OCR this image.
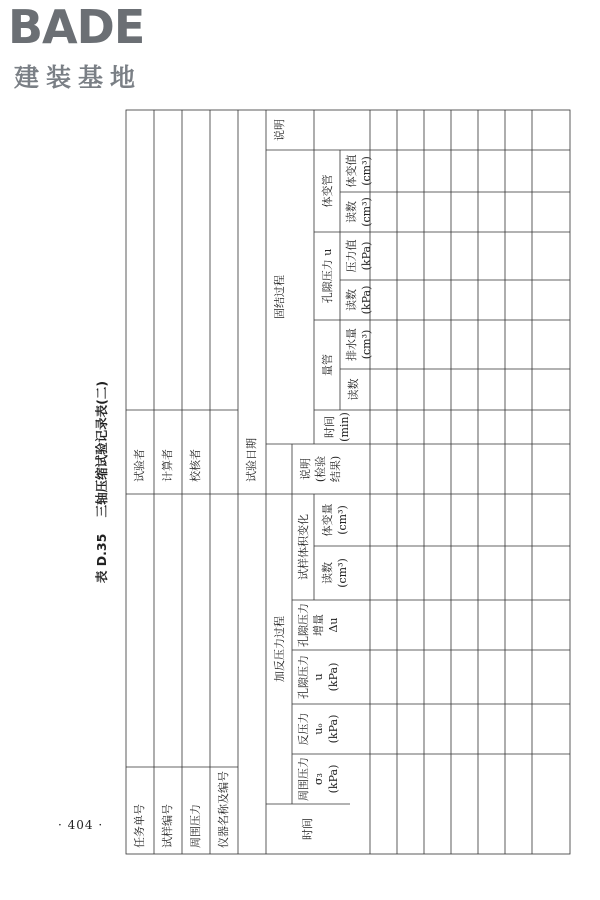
BADE
建装基地
· 404 ·
表 D.35 三轴压缩试验记录表(二)
任务单号 试样编号 周围压力 仪器名称及编号
试验者 计算者 校核者	试验日期
时间
加反压力过程
试样体积变化
固结过程
说明
周围压力 σ₃ (kPa)
反压力 uₒ (kPa)
孔隙压力 u (kPa)
孔隙压力 增量 Δu
读数 (cm³)
体变量 (cm³)
说明 (检验 结果)
时间 (min)
量管
读数
排水量 (cm³)
孔隙压力 u 读数 (kPa)
压力值 (kPa)
体变管
读数 (cm³)
体变值 (cm³)
